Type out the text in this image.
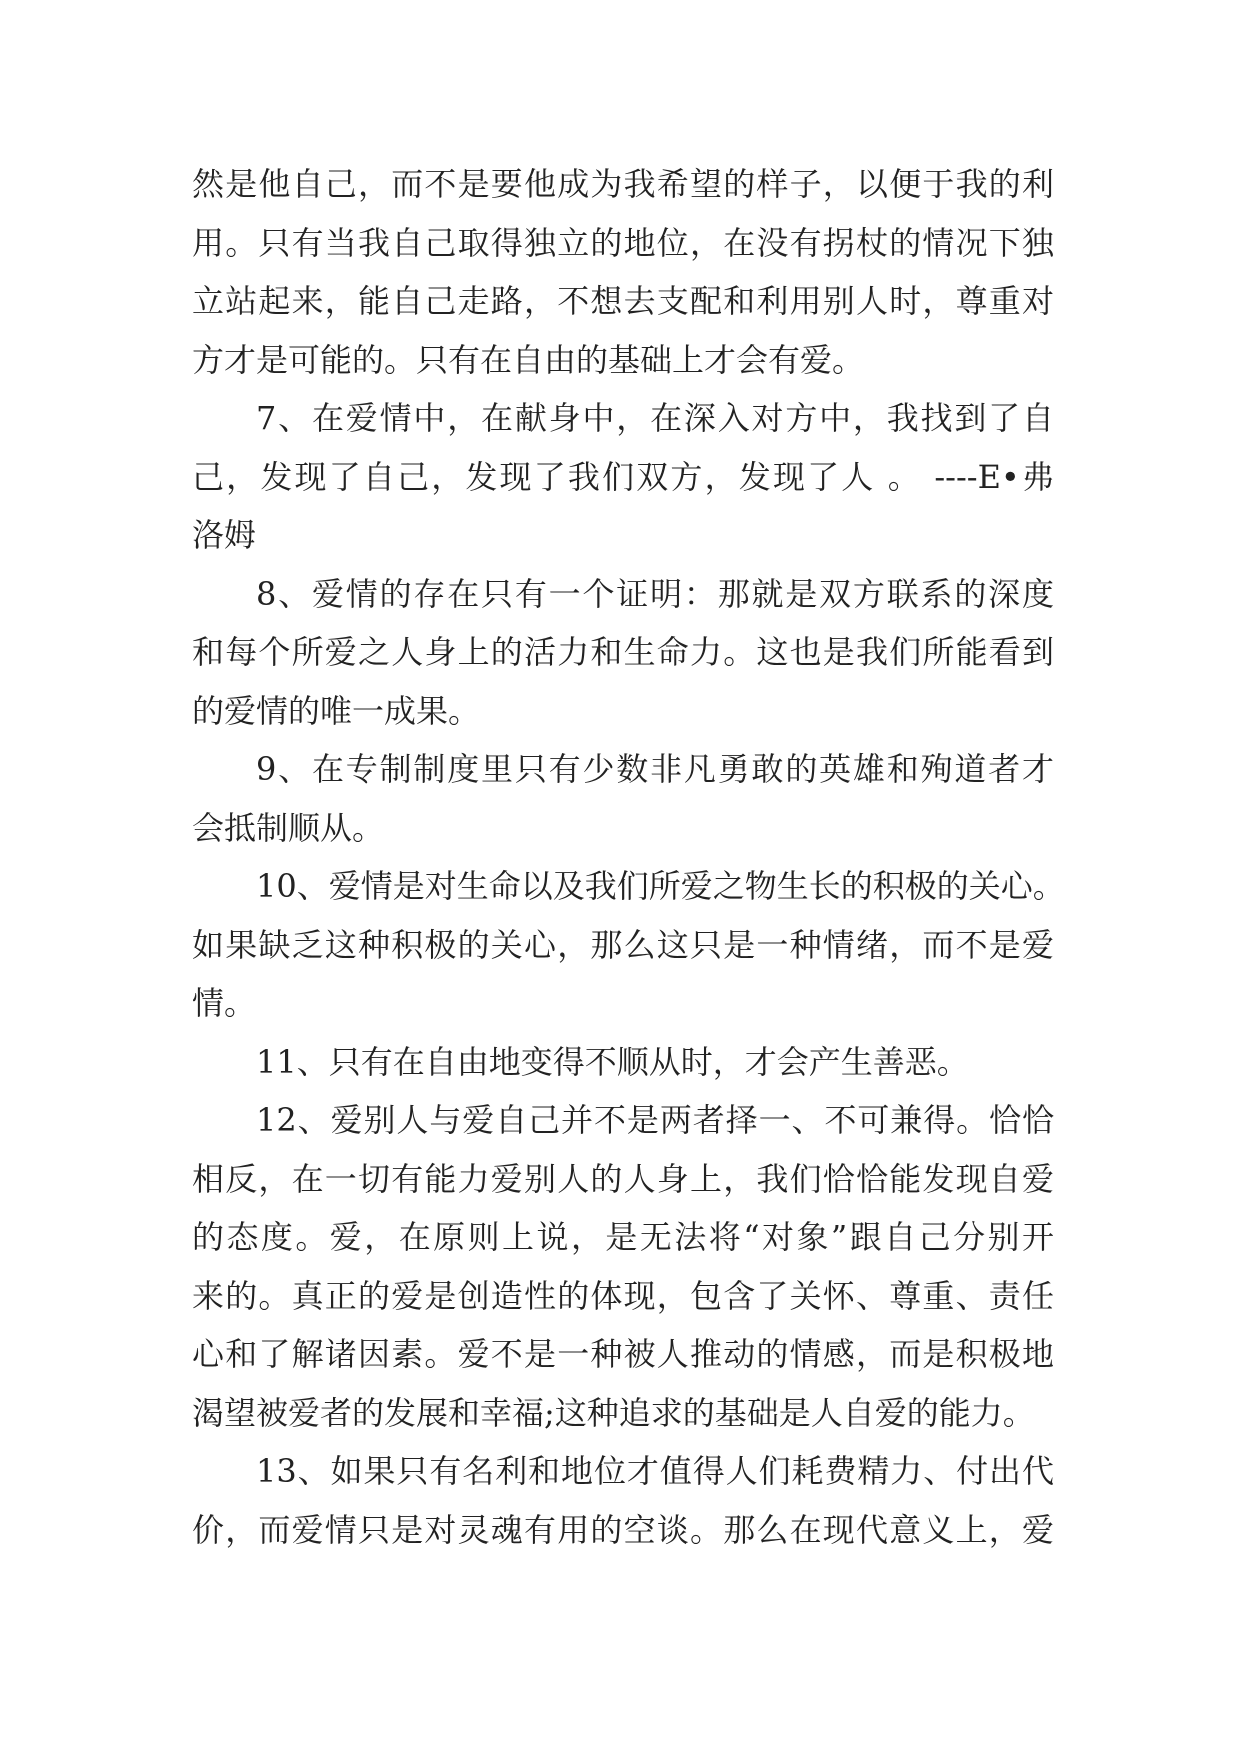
然是他自己，而不是要他成为我希望的样子，以便于我的利
用。只有当我自己取得独立的地位，在没有拐杖的情况下独
立站起来，能自己走路，不想去支配和利用别人时，尊重对
方才是可能的。只有在自由的基础上才会有爱。
7、在爱情中，在献身中，在深入对方中，我找到了自
己，发现了自己，发现了我们双方，发现了人 。 ----E•弗
洛姆
8、爱情的存在只有一个证明：那就是双方联系的深度
和每个所爱之人身上的活力和生命力。这也是我们所能看到
的爱情的唯一成果。
9、在专制制度里只有少数非凡勇敢的英雄和殉道者才
会抵制顺从。
10、爱情是对生命以及我们所爱之物生长的积极的关心。
如果缺乏这种积极的关心，那么这只是一种情绪，而不是爱
情。
11、只有在自由地变得不顺从时，才会产生善恶。
12、爱别人与爱自己并不是两者择一、不可兼得。恰恰
相反，在一切有能力爱别人的人身上，我们恰恰能发现自爱
的态度。爱，在原则上说，是无法将“对象”跟自己分别开
来的。真正的爱是创造性的体现，包含了关怀、尊重、责任
心和了解诸因素。爱不是一种被人推动的情感，而是积极地
渴望被爱者的发展和幸福;这种追求的基础是人自爱的能力。
13、如果只有名利和地位才值得人们耗费精力、付出代
价，而爱情只是对灵魂有用的空谈。那么在现代意义上，爱
